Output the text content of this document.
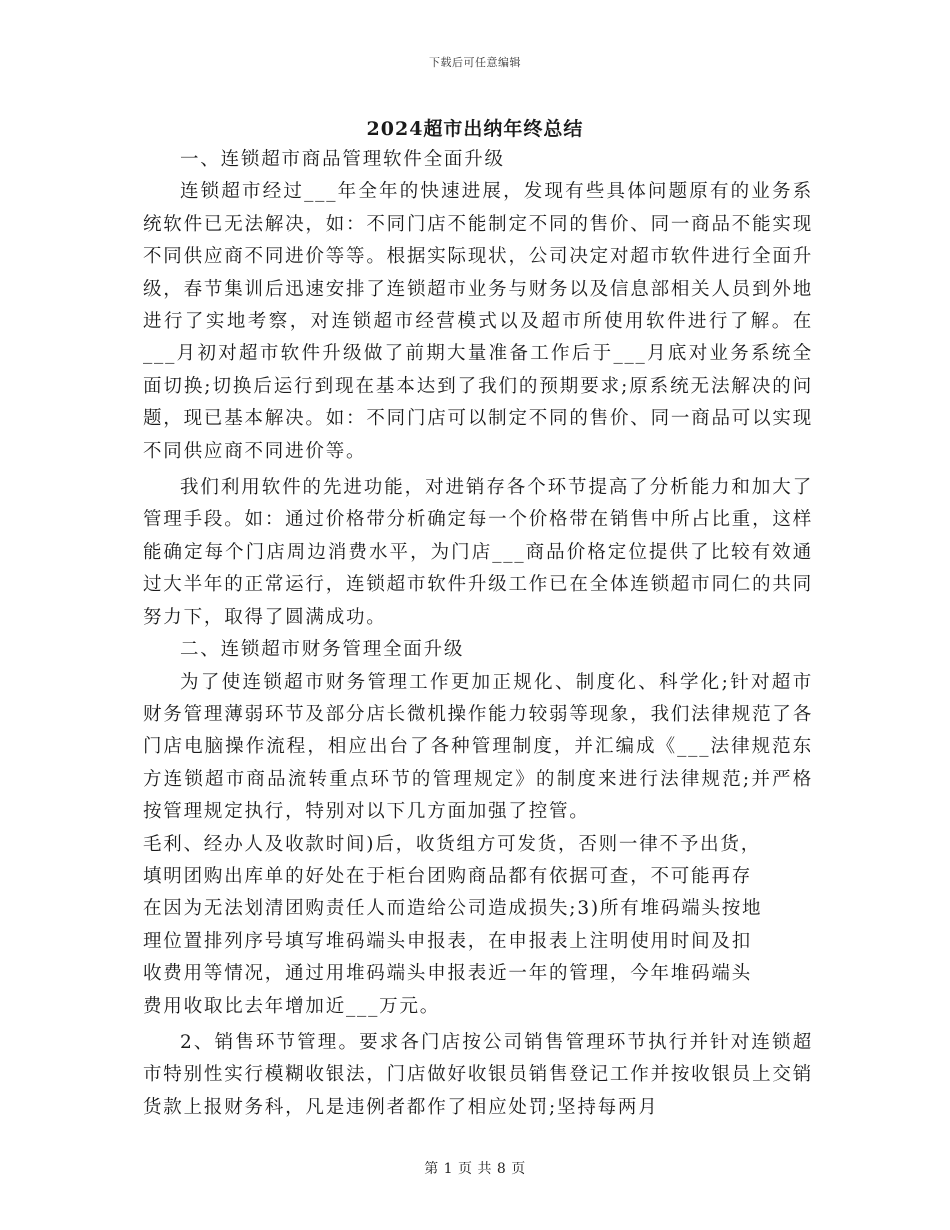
下载后可任意编辑
2024超市出纳年终总结

一、连锁超市商品管理软件全面升级

连锁超市经过___年全年的快速进展，发现有些具体问题原有的业务系统软件已无法解决，如：不同门店不能制定不同的售价、同一商品不能实现不同供应商不同进价等等。根据实际现状，公司决定对超市软件进行全面升级，春节集训后迅速安排了连锁超市业务与财务以及信息部相关人员到外地进行了实地考察，对连锁超市经营模式以及超市所使用软件进行了解。在___月初对超市软件升级做了前期大量准备工作后于___月底对业务系统全面切换;切换后运行到现在基本达到了我们的预期要求;原系统无法解决的问题，现已基本解决。如：不同门店可以制定不同的售价、同一商品可以实现不同供应商不同进价等。

我们利用软件的先进功能，对进销存各个环节提高了分析能力和加大了管理手段。如：通过价格带分析确定每一个价格带在销售中所占比重，这样能确定每个门店周边消费水平，为门店___商品价格定位提供了比较有效通过大半年的正常运行，连锁超市软件升级工作已在全体连锁超市同仁的共同努力下，取得了圆满成功。

二、连锁超市财务管理全面升级

为了使连锁超市财务管理工作更加正规化、制度化、科学化;针对超市财务管理薄弱环节及部分店长微机操作能力较弱等现象，我们法律规范了各门店电脑操作流程，相应出台了各种管理制度，并汇编成《___法律规范东方连锁超市商品流转重点环节的管理规定》的制度来进行法律规范;并严格按管理规定执行，特别对以下几方面加强了控管。

毛利、经办人及收款时间)后，收货组方可发货，否则一律不予出货，
填明团购出库单的好处在于柜台团购商品都有依据可查，不可能再存
在因为无法划清团购责任人而造给公司造成损失;3)所有堆码端头按地
理位置排列序号填写堆码端头申报表，在申报表上注明使用时间及扣
收费用等情况，通过用堆码端头申报表近一年的管理，今年堆码端头
费用收取比去年增加近___万元。

2、销售环节管理。要求各门店按公司销售管理环节执行并针对连锁超市特别性实行模糊收银法，门店做好收银员销售登记工作并按收银员上交销货款上报财务科，凡是违例者都作了相应处罚;坚持每两月

第 1 页 共 8 页
